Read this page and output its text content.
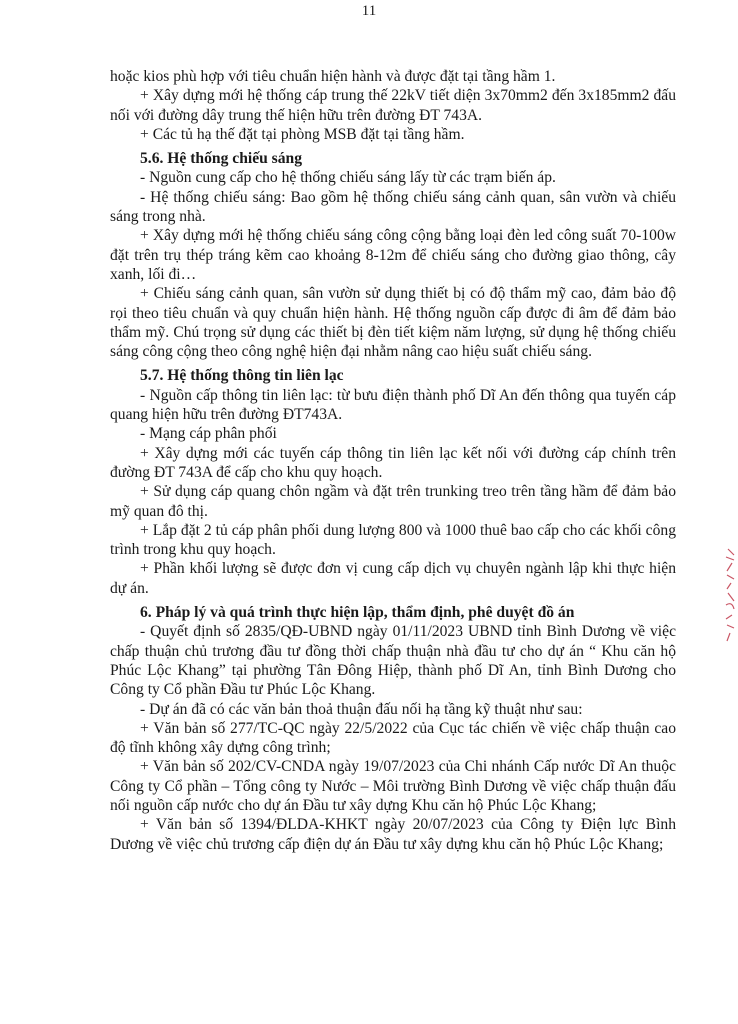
11

hoặc kios phù hợp với tiêu chuẩn hiện hành và được đặt tại tầng hầm 1.

+ Xây dựng mới hệ thống cáp trung thế 22kV tiết diện 3x70mm2 đến 3x185mm2 đấu nối với đường dây trung thế hiện hữu trên đường ĐT 743A.

+ Các tủ hạ thế đặt tại phòng MSB đặt tại tầng hầm.

5.6. Hệ thống chiếu sáng

- Nguồn cung cấp cho hệ thống chiếu sáng lấy từ các trạm biến áp.

- Hệ thống chiếu sáng: Bao gồm hệ thống chiếu sáng cảnh quan, sân vườn và chiếu sáng trong nhà.

+ Xây dựng mới hệ thống chiếu sáng công cộng bằng loại đèn led công suất 70-100w đặt trên trụ thép tráng kẽm cao khoảng 8-12m để chiếu sáng cho đường giao thông, cây xanh, lối đi…

+ Chiếu sáng cảnh quan, sân vườn sử dụng thiết bị có độ thẩm mỹ cao, đảm bảo độ rọi theo tiêu chuẩn và quy chuẩn hiện hành. Hệ thống nguồn cấp được đi âm để đảm bảo thẩm mỹ. Chú trọng sử dụng các thiết bị đèn tiết kiệm năm lượng, sử dụng hệ thống chiếu sáng công cộng theo công nghệ hiện đại nhằm nâng cao hiệu suất chiếu sáng.

5.7. Hệ thống thông tin liên lạc

- Nguồn cấp thông tin liên lạc: từ bưu điện thành phố Dĩ An đến thông qua tuyến cáp quang hiện hữu trên đường ĐT743A.

- Mạng cáp phân phối

+ Xây dựng mới các tuyến cáp thông tin liên lạc kết nối với đường cáp chính trên đường ĐT 743A để cấp cho khu quy hoạch.

+ Sử dụng cáp quang chôn ngầm và đặt trên trunking treo trên tầng hầm để đảm bảo mỹ quan đô thị.

+ Lắp đặt 2 tủ cáp phân phối dung lượng 800 và 1000 thuê bao cấp cho các khối công trình trong khu quy hoạch.

+ Phần khối lượng sẽ được đơn vị cung cấp dịch vụ chuyên ngành lập khi thực hiện dự án.

6. Pháp lý và quá trình thực hiện lập, thẩm định, phê duyệt đồ án

- Quyết định số 2835/QĐ-UBND ngày 01/11/2023 UBND tỉnh Bình Dương về việc chấp thuận chủ trương đầu tư đồng thời chấp thuận nhà đầu tư cho dự án “ Khu căn hộ Phúc Lộc Khang” tại phường Tân Đông Hiệp, thành phố Dĩ An, tỉnh Bình Dương cho Công ty Cổ phần Đầu tư Phúc Lộc Khang.

- Dự án đã có các văn bản thoả thuận đấu nối hạ tầng kỹ thuật như sau:

+ Văn bản số 277/TC-QC ngày 22/5/2022 của Cục tác chiến về việc chấp thuận cao độ tĩnh không xây dựng công trình;

+ Văn bản số 202/CV-CNDA ngày 19/07/2023 của Chi nhánh Cấp nước Dĩ An thuộc Công ty Cổ phần – Tổng công ty Nước – Môi trường Bình Dương về việc chấp thuận đấu nối nguồn cấp nước cho dự án Đầu tư xây dựng Khu căn hộ Phúc Lộc Khang;

+ Văn bản số 1394/ĐLDA-KHKT ngày 20/07/2023 của Công ty Điện lực Bình Dương về việc chủ trương cấp điện dự án Đầu tư xây dựng khu căn hộ Phúc Lộc Khang;
